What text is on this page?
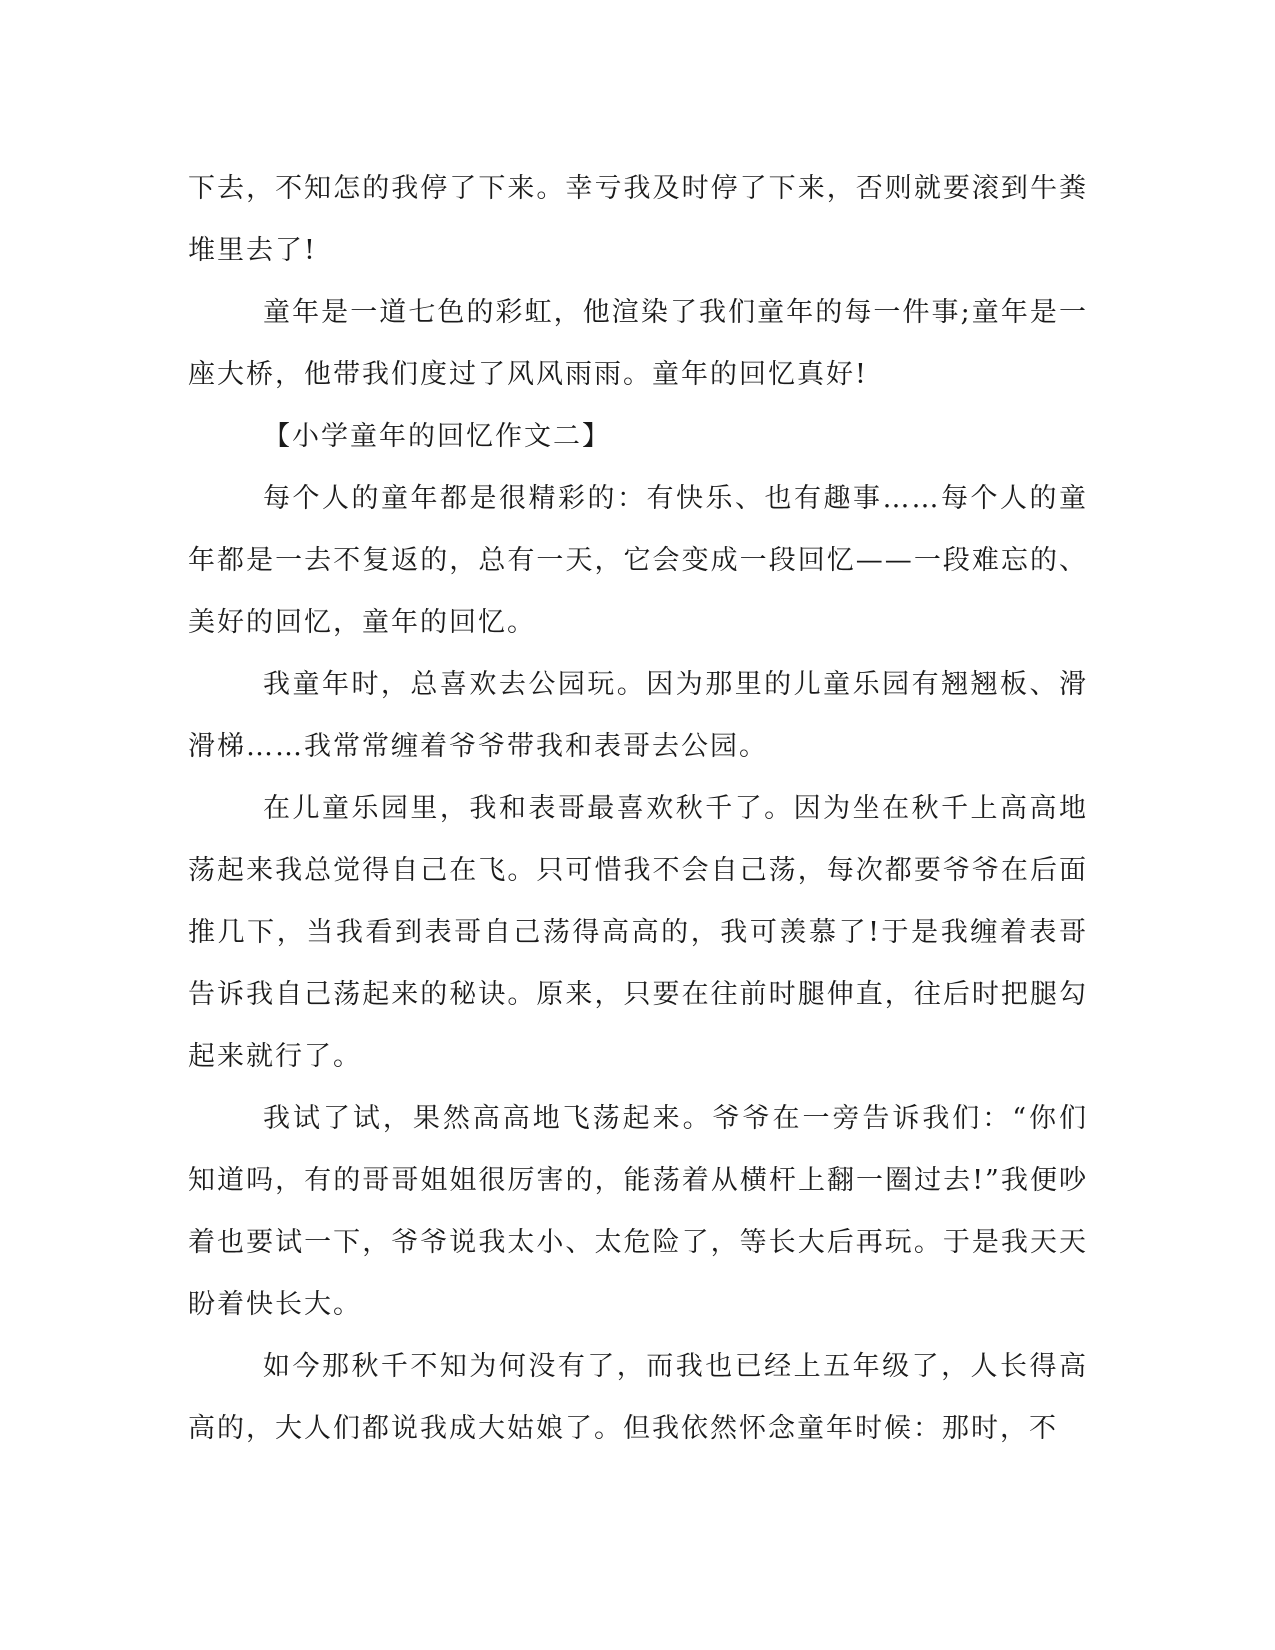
下去，不知怎的我停了下来。幸亏我及时停了下来，否则就要滚到牛粪堆里去了!

童年是一道七色的彩虹，他渲染了我们童年的每一件事;童年是一座大桥，他带我们度过了风风雨雨。童年的回忆真好!

【小学童年的回忆作文二】

每个人的童年都是很精彩的：有快乐、也有趣事……每个人的童年都是一去不复返的，总有一天，它会变成一段回忆——一段难忘的、美好的回忆，童年的回忆。

我童年时，总喜欢去公园玩。因为那里的儿童乐园有翘翘板、滑滑梯……我常常缠着爷爷带我和表哥去公园。

在儿童乐园里，我和表哥最喜欢秋千了。因为坐在秋千上高高地荡起来我总觉得自己在飞。只可惜我不会自己荡，每次都要爷爷在后面推几下，当我看到表哥自己荡得高高的，我可羡慕了!于是我缠着表哥告诉我自己荡起来的秘诀。原来，只要在往前时腿伸直，往后时把腿勾起来就行了。

我试了试，果然高高地飞荡起来。爷爷在一旁告诉我们：“你们知道吗，有的哥哥姐姐很厉害的，能荡着从横杆上翻一圈过去!”我便吵着也要试一下，爷爷说我太小、太危险了，等长大后再玩。于是我天天盼着快长大。

如今那秋千不知为何没有了，而我也已经上五年级了，人长得高高的，大人们都说我成大姑娘了。但我依然怀念童年时候：那时，不
